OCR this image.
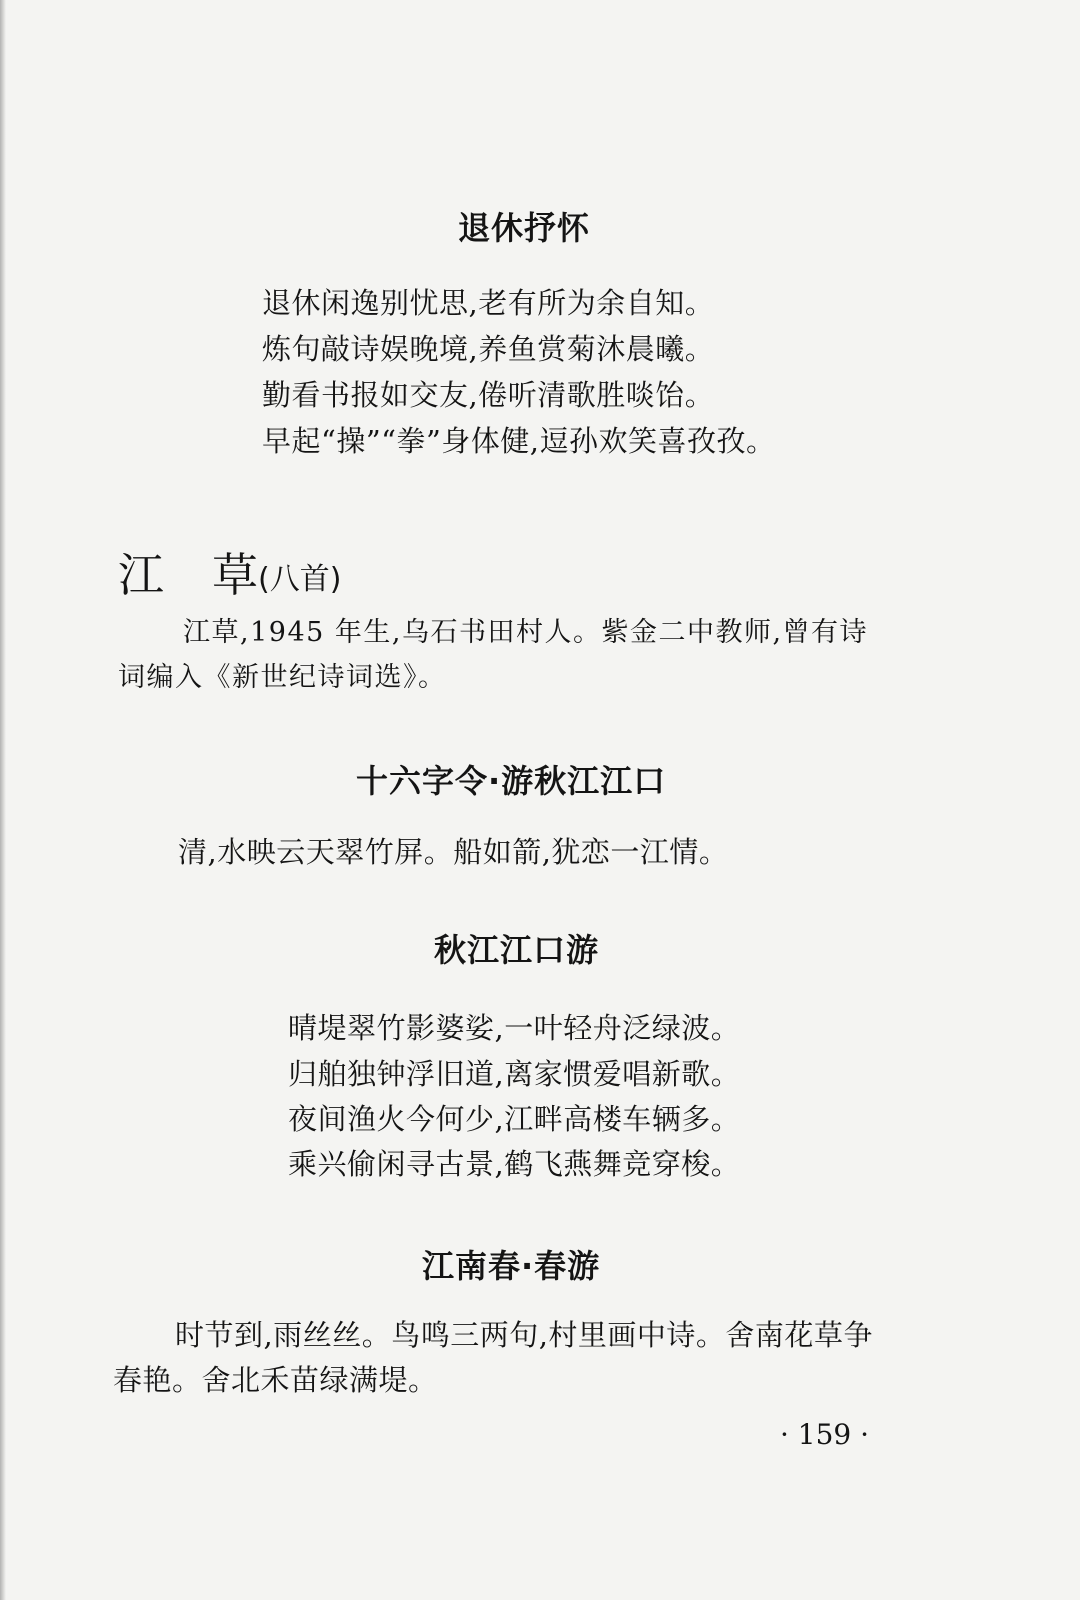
退休抒怀
退休闲逸别忧思,老有所为余自知。
炼句敲诗娱晚境,养鱼赏菊沐晨曦。
勤看书报如交友,倦听清歌胜啖饴。
早起“操”“拳”身体健,逗孙欢笑喜孜孜。
江 草(八首)
江草,1945 年生,乌石书田村人。紫金二中教师,曾有诗
词编入《新世纪诗词选》。
十六字令·游秋江江口
清,水映云天翠竹屏。船如箭,犹恋一江情。
秋江江口游
晴堤翠竹影婆娑,一叶轻舟泛绿波。
归舶独钟浮旧道,离家惯爱唱新歌。
夜间渔火今何少,江畔高楼车辆多。
乘兴偷闲寻古景,鹤飞燕舞竞穿梭。
江南春·春游
时节到,雨丝丝。鸟鸣三两句,村里画中诗。舍南花草争
春艳。舍北禾苗绿满堤。
· 159 ·
